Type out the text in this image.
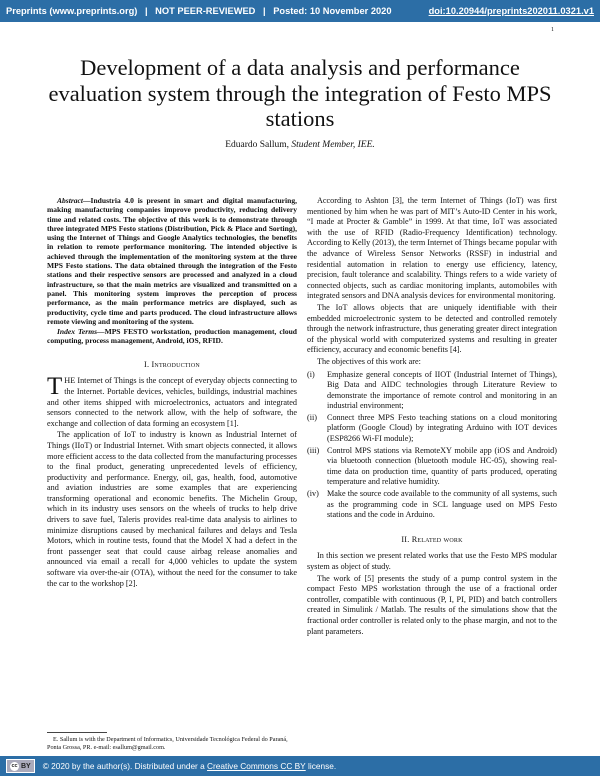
Preprints (www.preprints.org) | NOT PEER-REVIEWED | Posted: 10 November 2020	doi:10.20944/preprints202011.0321.v1
1
Development of a data analysis and performance evaluation system through the integration of Festo MPS stations
Eduardo Sallum, Student Member, IEE.

Abstract—Industria 4.0 is present in smart and digital manufacturing, making manufacturing companies improve productivity, reducing delivery time and related costs. The objective of this work is to demonstrate through three integrated MPS Festo stations (Distribution, Pick & Place and Sorting), using the Internet of Things and Google Analytics technologies, the benefits in relation to remote performance monitoring. The intended objective is achieved through the implementation of the monitoring system at the three MPS Festo stations. The data obtained through the integration of the Festo stations and their respective sensors are processed and analyzed in a cloud infrastructure, so that the main metrics are visualized and transmitted on a panel. This monitoring system improves the perception of process performance, as the main performance metrics are displayed, such as productivity, cycle time and parts produced. The cloud infrastructure allows remote viewing and monitoring of the system.

Index Terms—MPS FESTO workstation, production management, cloud computing, process management, Android, iOS, RFID.

I. Introduction

THE Internet of Things is the concept of everyday objects connecting to the Internet. Portable devices, vehicles, buildings, industrial machines and other items shipped with microelectronics, actuators and integrated sensors connected to the network allow, with the help of software, the exchange and collection of data forming an ecosystem [1].

The application of IoT to industry is known as Industrial Internet of Things (IIoT) or Industrial Internet. With smart objects connected, it allows more efficient access to the data collected from the manufacturing processes to the final product, generating unprecedented levels of efficiency, productivity and performance. Energy, oil, gas, health, food, automotive and aviation industries are some examples that are experiencing transforming operational and economic benefits. The Michelin Group, which in its industry uses sensors on the wheels of trucks to help drive drivers to save fuel, Taleris provides real-time data analysis to airlines to minimize disruptions caused by mechanical failures and delays and Tesla Motors, which in routine tests, found that the Model X had a defect in the front passenger seat that could cause airbag release anomalies and announced via email a recall for 4,000 vehicles to update the system software via over-the-air (OTA), without the need for the consumer to take the car to the workshop [2].

According to Ashton [3], the term Internet of Things (IoT) was first mentioned by him when he was part of MIT’s Auto-ID Center in his work, “I made at Procter & Gamble” in 1999. At that time, IoT was associated with the use of RFID (Radio-Frequency Identification) technology. According to Kelly (2013), the term Internet of Things became popular with the advance of Wireless Sensor Networks (RSSF) in industrial and residential automation in relation to energy use efficiency, latency, precision, fault tolerance and scalability. Things refers to a wide variety of connected objects, such as cardiac monitoring implants, automobiles with integrated sensors and DNA analysis devices for environmental monitoring.

The IoT allows objects that are uniquely identifiable with their embedded microelectronic system to be detected and controlled remotely through the network infrastructure, thus generating greater direct integration of the physical world with computerized systems and resulting in greater efficiency, accuracy and economic benefits [4].

The objectives of this work are:

(i)	Emphasize general concepts of IIOT (Industrial Internet of Things), Big Data and AIDC technologies through Literature Review to demonstrate the importance of remote control and monitoring in an industrial environment;
(ii)	Connect three MPS Festo teaching stations on a cloud monitoring platform (Google Cloud) by integrating Arduino with IOT devices (ESP8266 Wi-FI module);
(iii) Control MPS stations via RemoteXY mobile app (iOS and Android) via bluetooth connection (bluetooth module HC-05), showing real-time data on production time, quantity of parts produced, operating temperature and relative humidity.
(iv) Make the source code available to the community of all systems, such as the programming code in SCL language used on MPS Festo stations and the code in Arduino.
II. Related work

In this section we present related works that use the Festo MPS modular system as object of study.

The work of [5] presents the study of a pump control system in the compact Festo MPS workstation through the use of a fractional order controller, compatible with continuous (P, I, PI, PID) and batch controllers created in Simulink / Matlab. The results of the simulations show that the fractional order controller is related only to the phase margin, and not to the plant parameters.

E. Sallum is with the Department of Informatics, Universidade Tecnológica Federal do Paraná, Ponta Grossa, PR. e-mail: esallum@gmail.com.
cc BY © 2020 by the author(s). Distributed under a
Creative Commons CC BY
license.
